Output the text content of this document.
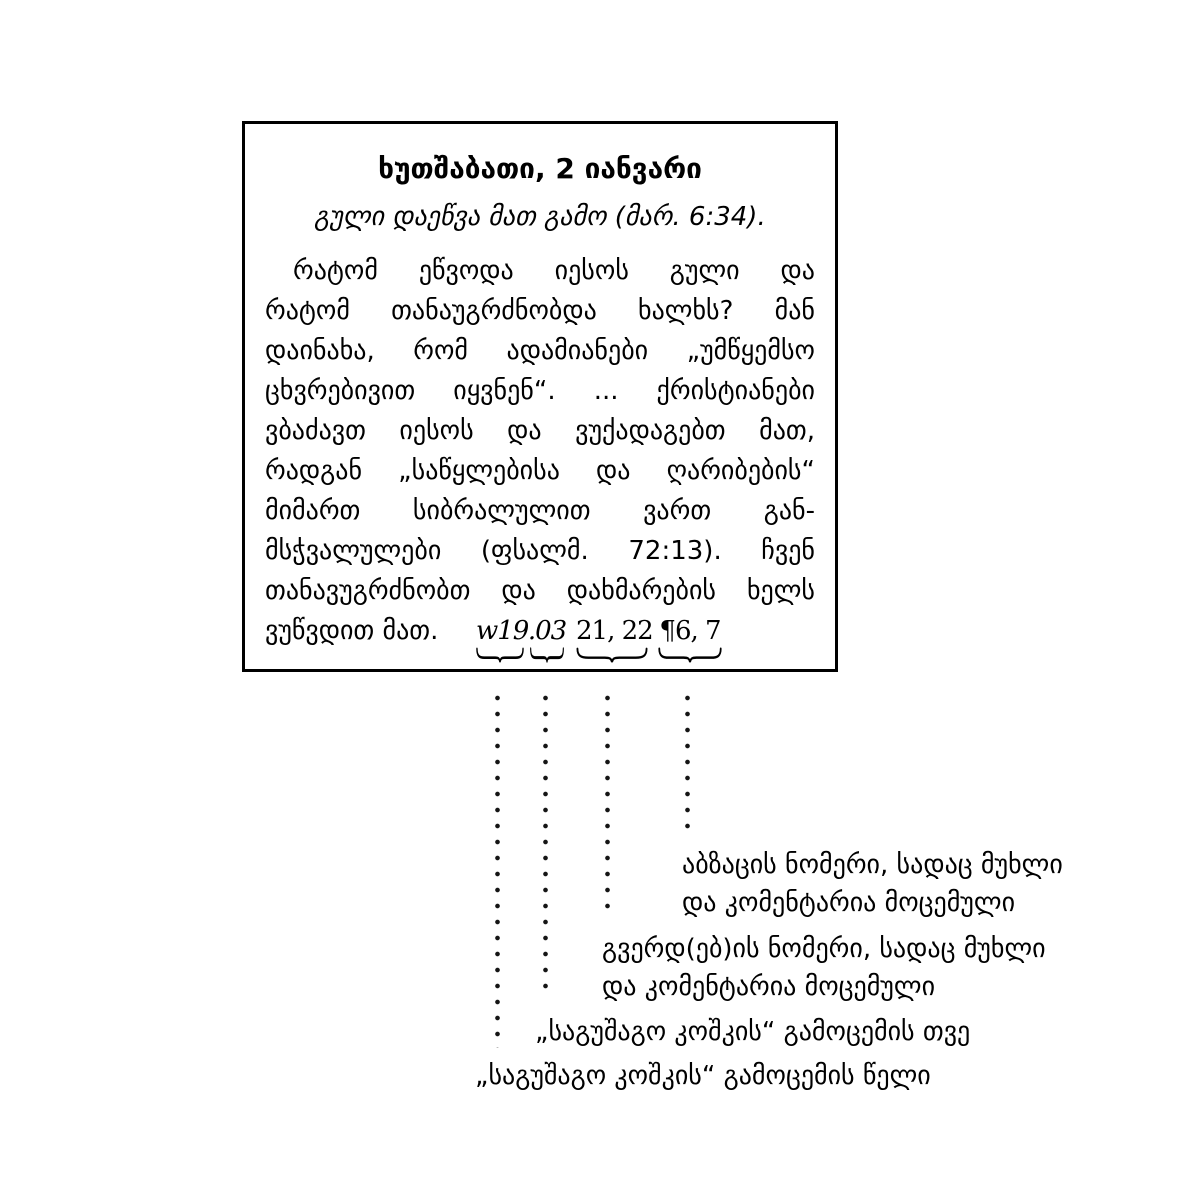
ხუთშაბათი, 2 იანვარი
გული დაეწვა მათ გამო (მარ. 6:34).
რატომ ეწვოდა იესოს გული და
რატომ თანაუგრძნობდა ხალხს? მან
დაინახა, რომ ადამიანები „უმწყემსო
ცხვრებივით იყვნენ“. ... ქრისტიანები
ვბაძავთ იესოს და ვუქადაგებთ მათ,
რადგან „საწყლებისა და ღარიბების“
მიმართ სიბრალულით ვართ გან-
მსჭვალულები (ფსალმ. 72:13). ჩვენ
თანავუგრძნობთ და დახმარების ხელს
ვუწვდით მათ. w19
.03 21, 22 ¶6, 7
აბზაცის ნომერი, სადაც მუხლი
და კომენტარია მოცემული
გვერდ(ებ)ის ნომერი, სადაც მუხლი
და კომენტარია მოცემული
„საგუშაგო კოშკის“ გამოცემის თვე
„საგუშაგო კოშკის“ გამოცემის წელი
